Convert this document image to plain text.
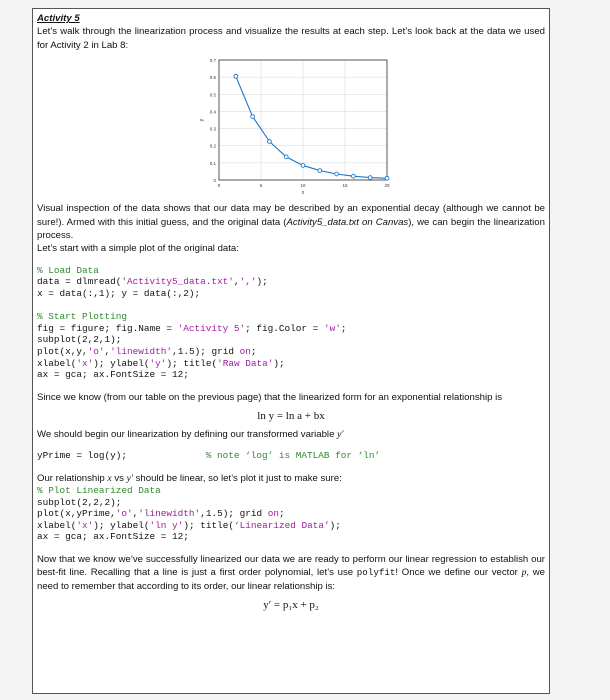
Activity 5

Let’s walk through the linearization process and visualize the results at each step. Let’s look back at the data we used for Activity 2 in Lab 8:

0
0.1
0.2
0.3
0.4
0.5
0.6
0.7
0	5	10	15	20
x
y

Visual inspection of the data shows that our data may be described by an exponential decay (although we cannot be sure!). Armed with this initial guess, and the original data (Activity5_data.txt on Canvas), we can begin the linearization process.

Let’s start with a simple plot of the original data:

% Load Data
data = dlmread('Activity5_data.txt',',');
x = data(:,1); y = data(:,2);

% Start Plotting
fig = figure; fig.Name = 'Activity 5'; fig.Color = 'w';
subplot(2,2,1);
plot(x,y,'o','linewidth',1.5); grid on;
xlabel('x'); ylabel('y'); title('Raw Data');
ax = gca; ax.FontSize = 12;

Since we know (from our table on the previous page) that the linearized form for an exponential relationship is

ln y = ln a + bx

We should begin our linearization by defining our transformed variable y′

yPrime = log(y);              % note ‘log’ is MATLAB for ‘ln’

Our relationship x vs y′ should be linear, so let’s plot it just to make sure:

% Plot Linearized Data
subplot(2,2,2);
plot(x,yPrime,'o','linewidth',1.5); grid on;
xlabel('x'); ylabel('ln y'); title(‘Linearized Data’);
ax = gca; ax.FontSize = 12;

Now that we know we’ve successfully linearized our data we are ready to perform our linear regression to establish our best-fit line. Recalling that a line is just a first order polynomial, let’s use polyfit! Once we define our vector p, we need to remember that according to its order, our linear relationship is:

y′ = p₁x + p₂
